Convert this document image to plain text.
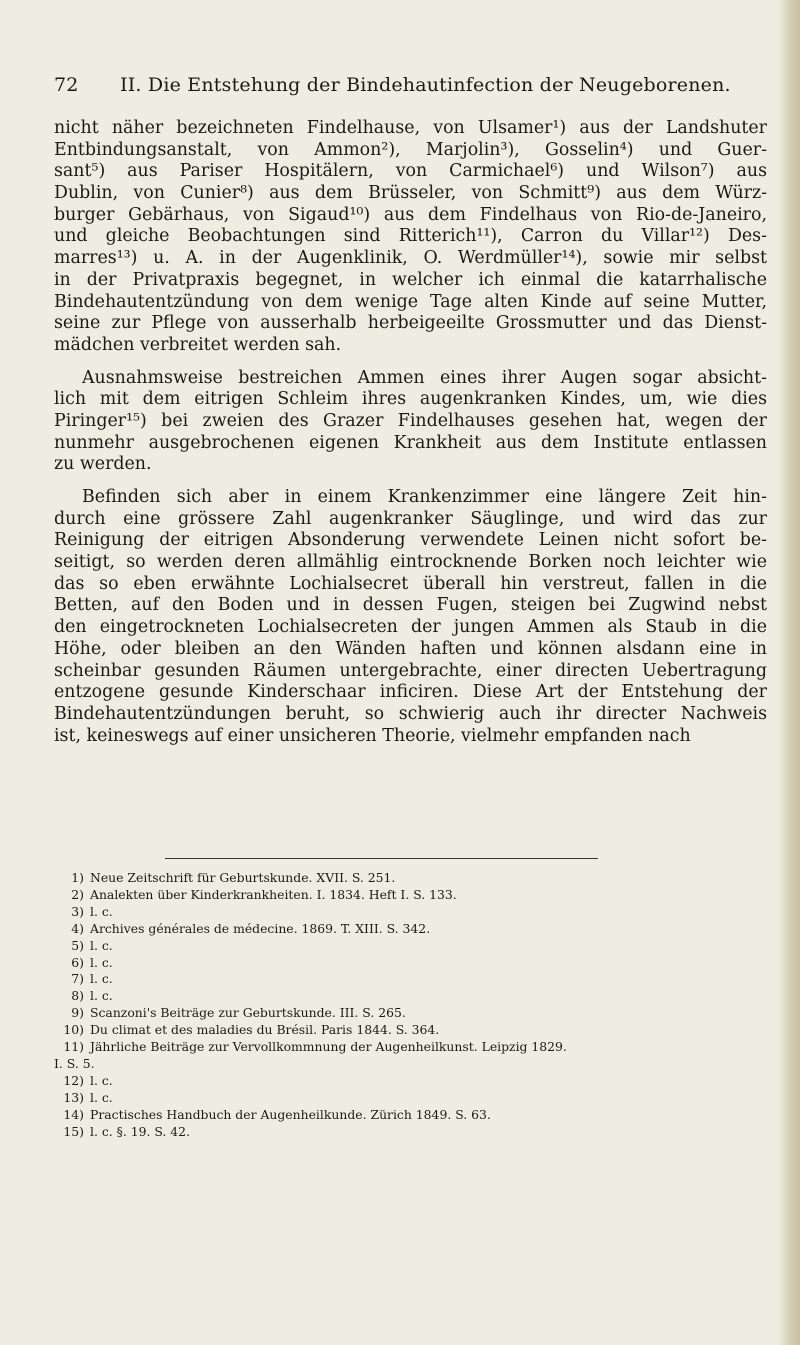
72 II. Die Entstehung der Bindehautinfection der Neugeborenen.
nicht näher bezeichneten Findelhause, von Ulsamer¹) aus der Landshuter
Entbindungsanstalt, von Ammon²), Marjolin³), Gosselin⁴) und Guer-
sant⁵) aus Pariser Hospitälern, von Carmichael⁶) und Wilson⁷) aus
Dublin, von Cunier⁸) aus dem Brüsseler, von Schmitt⁹) aus dem Würz-
burger Gebärhaus, von Sigaud¹⁰) aus dem Findelhaus von Rio-de-Janeiro,
und gleiche Beobachtungen sind Ritterich¹¹), Carron du Villar¹²) Des-
marres¹³) u. A. in der Augenklinik, O. Werdmüller¹⁴), sowie mir selbst
in der Privatpraxis begegnet, in welcher ich einmal die katarrhalische
Bindehautentzündung von dem wenige Tage alten Kinde auf seine Mutter,
seine zur Pflege von ausserhalb herbeigeeilte Grossmutter und das Dienst-
mädchen verbreitet werden sah.
Ausnahmsweise bestreichen Ammen eines ihrer Augen sogar absicht-
lich mit dem eitrigen Schleim ihres augenkranken Kindes, um, wie dies
Piringer¹⁵) bei zweien des Grazer Findelhauses gesehen hat, wegen der
nunmehr ausgebrochenen eigenen Krankheit aus dem Institute entlassen
zu werden.
Befinden sich aber in einem Krankenzimmer eine längere Zeit hin-
durch eine grössere Zahl augenkranker Säuglinge, und wird das zur
Reinigung der eitrigen Absonderung verwendete Leinen nicht sofort be-
seitigt, so werden deren allmählig eintrocknende Borken noch leichter wie
das so eben erwähnte Lochialsecret überall hin verstreut, fallen in die
Betten, auf den Boden und in dessen Fugen, steigen bei Zugwind nebst
den eingetrockneten Lochialsecreten der jungen Ammen als Staub in die
Höhe, oder bleiben an den Wänden haften und können alsdann eine in
scheinbar gesunden Räumen untergebrachte, einer directen Uebertragung
entzogene gesunde Kinderschaar inficiren. Diese Art der Entstehung der
Bindehautentzündungen beruht, so schwierig auch ihr directer Nachweis
ist, keineswegs auf einer unsicheren Theorie, vielmehr empfanden nach
1) Neue Zeitschrift für Geburtskunde. XVII. S. 251.
2) Analekten über Kinderkrankheiten. I. 1834. Heft I. S. 133.
3) l. c.
4) Archives générales de médecine. 1869. T. XIII. S. 342.
5) l. c.
6) l. c.
7) l. c.
8) l. c.
9) Scanzoni's Beiträge zur Geburtskunde. III. S. 265.
10) Du climat et des maladies du Brésil. Paris 1844. S. 364.
11) Jährliche Beiträge zur Vervollkommnung der Augenheilkunst. Leipzig 1829.
I. S. 5.
12) l. c.
13) l. c.
14) Practisches Handbuch der Augenheilkunde. Zürich 1849. S. 63.
15) l. c. §. 19. S. 42.
